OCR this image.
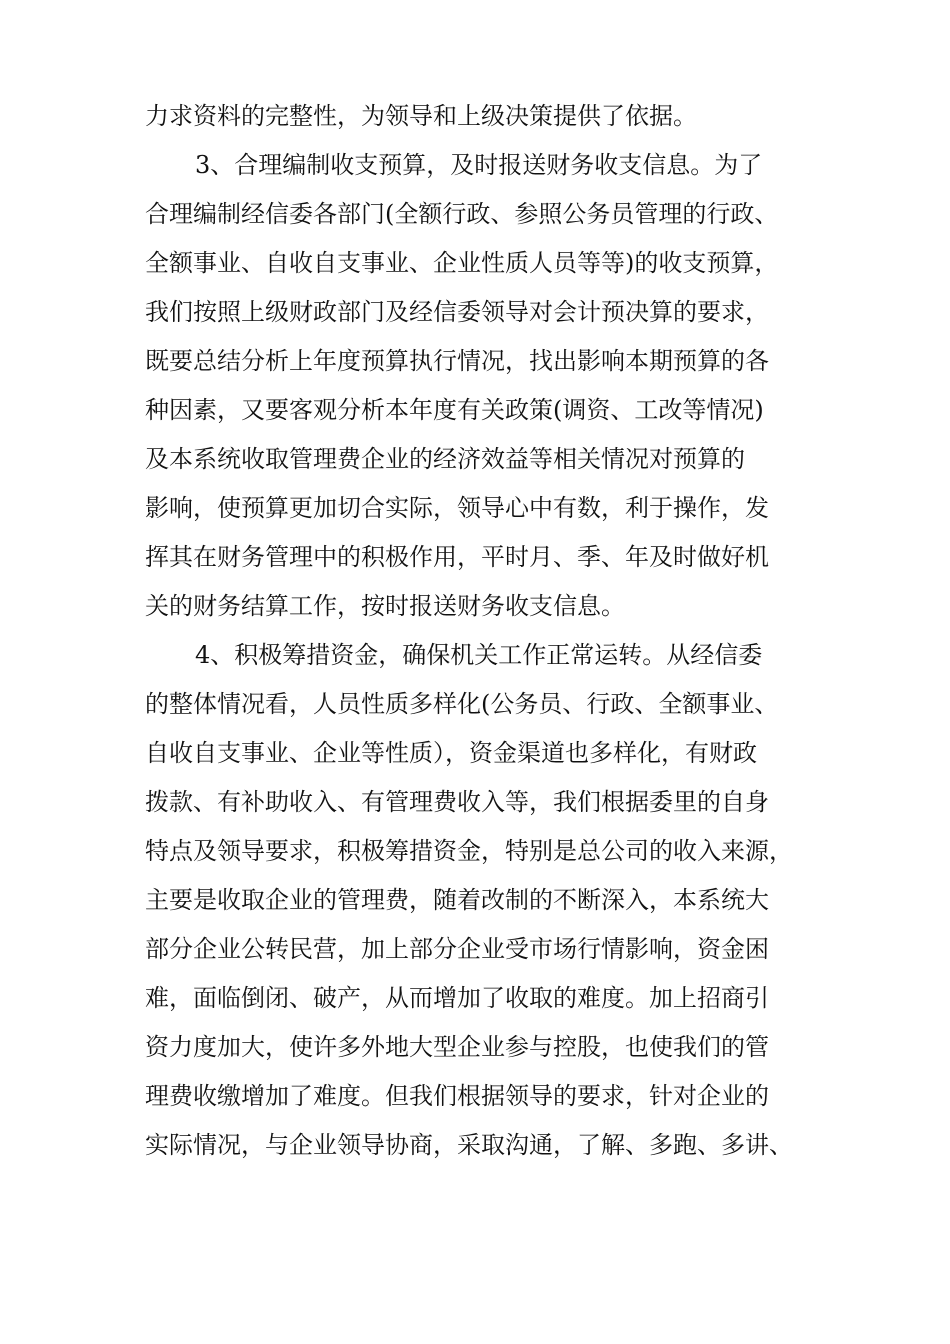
力求资料的完整性，为领导和上级决策提供了依据。
3、合理编制收支预算，及时报送财务收支信息。为了
合理编制经信委各部门(全额行政、参照公务员管理的行政、
全额事业、自收自支事业、企业性质人员等等)的收支预算，
我们按照上级财政部门及经信委领导对会计预决算的要求，
既要总结分析上年度预算执行情况，找出影响本期预算的各
种因素，又要客观分析本年度有关政策(调资、工改等情况)
及本系统收取管理费企业的经济效益等相关情况对预算的
影响，使预算更加切合实际，领导心中有数，利于操作，发
挥其在财务管理中的积极作用，平时月、季、年及时做好机
关的财务结算工作，按时报送财务收支信息。
4、积极筹措资金，确保机关工作正常运转。从经信委
的整体情况看，人员性质多样化(公务员、行政、全额事业、
自收自支事业、企业等性质），资金渠道也多样化，有财政
拨款、有补助收入、有管理费收入等，我们根据委里的自身
特点及领导要求，积极筹措资金，特别是总公司的收入来源，
主要是收取企业的管理费，随着改制的不断深入，本系统大
部分企业公转民营，加上部分企业受市场行情影响，资金困
难，面临倒闭、破产，从而增加了收取的难度。加上招商引
资力度加大，使许多外地大型企业参与控股，也使我们的管
理费收缴增加了难度。但我们根据领导的要求，针对企业的
实际情况，与企业领导协商，采取沟通，了解、多跑、多讲、
